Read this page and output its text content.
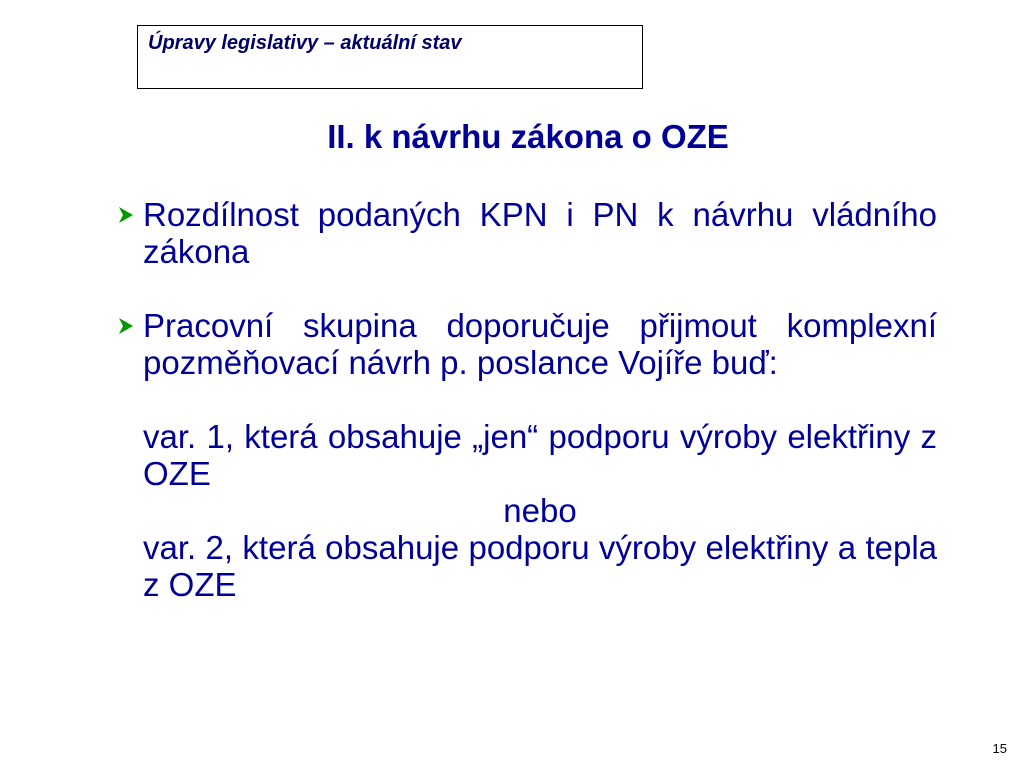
Úpravy legislativy – aktuální stav
II. k návrhu zákona o OZE
Rozdílnost podaných KPN i PN k návrhu vládního zákona
Pracovní skupina doporučuje přijmout komplexní pozměňovací návrh p. poslance Vojíře buď:
var. 1, která obsahuje „jen“ podporu výroby elektřiny z OZE
nebo
var. 2, která obsahuje podporu výroby elektřiny a tepla z OZE
15
